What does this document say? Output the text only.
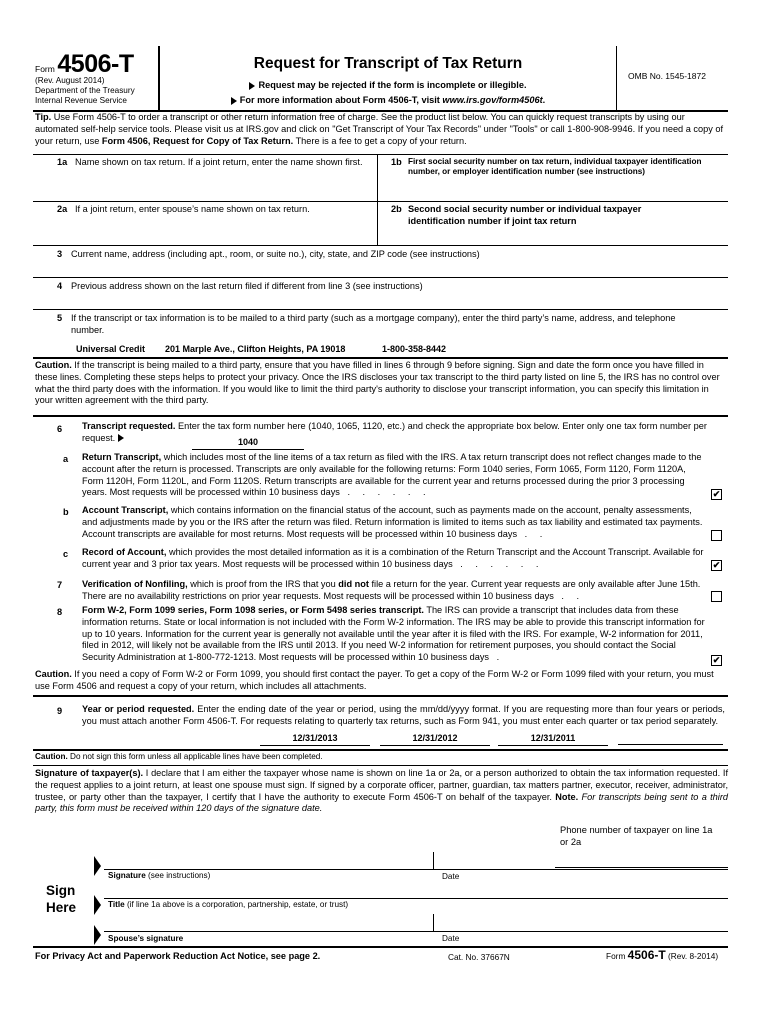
Form 4506-T
(Rev. August 2014)
Department of the Treasury
Internal Revenue Service
Request for Transcript of Tax Return
Request may be rejected if the form is incomplete or illegible.
For more information about Form 4506-T, visit www.irs.gov/form4506t.
OMB No. 1545-1872
Tip. Use Form 4506-T to order a transcript or other return information free of charge. See the product list below. You can quickly request transcripts by using our automated self-help service tools. Please visit us at IRS.gov and click on "Get Transcript of Your Tax Records" under "Tools" or call 1-800-908-9946. If you need a copy of your return, use Form 4506, Request for Copy of Tax Return. There is a fee to get a copy of your return.
1a Name shown on tax return. If a joint return, enter the name shown first.	1b First social security number on tax return, individual taxpayer identification number, or employer identification number (see instructions)
2a If a joint return, enter spouse’s name shown on tax return.	2b Second social security number or individual taxpayer identification number if joint tax return
3 Current name, address (including apt., room, or suite no.), city, state, and ZIP code (see instructions)
4 Previous address shown on the last return filed if different from line 3 (see instructions)
5 If the transcript or tax information is to be mailed to a third party (such as a mortgage company), enter the third party’s name, address, and telephone number.
Universal Credit 201 Marple Ave., Clifton Heights, PA 19018	1-800-358-8442
Caution. If the transcript is being mailed to a third party, ensure that you have filled in lines 6 through 9 before signing. Sign and date the form once you have filled in these lines. Completing these steps helps to protect your privacy. Once the IRS discloses your tax transcript to the third party listed on line 5, the IRS has no control over what the third party does with the information. If you would like to limit the third party's authority to disclose your transcript information, you can specify this limitation in your written agreement with the third party.
6 Transcript requested. Enter the tax form number here (1040, 1065, 1120, etc.) and check the appropriate box below. Enter only one tax form number per request.	1040
a Return Transcript, which includes most of the line items of a tax return as filed with the IRS. A tax return transcript does not reflect changes made to the account after the return is processed. Transcripts are only available for the following returns: Form 1040 series, Form 1065, Form 1120, Form 1120A, Form 1120H, Form 1120L, and Form 1120S. Return transcripts are available for the current year and returns processed during the prior 3 processing years. Most requests will be processed within 10 business days . . . . . .	✔
b Account Transcript, which contains information on the financial status of the account, such as payments made on the account, penalty assessments, and adjustments made by you or the IRS after the return was filed. Return information is limited to items such as tax liability and estimated tax payments. Account transcripts are available for most returns. Most requests will be processed within 10 business days . .
c Record of Account, which provides the most detailed information as it is a combination of the Return Transcript and the Account Transcript. Available for current year and 3 prior tax years. Most requests will be processed within 10 business days . . . . . .	✔
7 Verification of Nonfiling, which is proof from the IRS that you did not file a return for the year. Current year requests are only available after June 15th. There are no availability restrictions on prior year requests. Most requests will be processed within 10 business days . .
8 Form W-2, Form 1099 series, Form 1098 series, or Form 5498 series transcript. The IRS can provide a transcript that includes data from these information returns. State or local information is not included with the Form W-2 information. The IRS may be able to provide this transcript information for up to 10 years. Information for the current year is generally not available until the year after it is filed with the IRS. For example, W-2 information for 2011, filed in 2012, will likely not be available from the IRS until 2013. If you need W-2 information for retirement purposes, you should contact the Social Security Administration at 1-800-772-1213. Most requests will be processed within 10 business days .	✔
Caution. If you need a copy of Form W-2 or Form 1099, you should first contact the payer. To get a copy of the Form W-2 or Form 1099 filed with your return, you must use Form 4506 and request a copy of your return, which includes all attachments.
9 Year or period requested. Enter the ending date of the year or period, using the mm/dd/yyyy format. If you are requesting more than four years or periods, you must attach another Form 4506-T. For requests relating to quarterly tax returns, such as Form 941, you must enter each quarter or tax period separately.
12/31/2013	12/31/2012	12/31/2011
Caution. Do not sign this form unless all applicable lines have been completed.
Signature of taxpayer(s). I declare that I am either the taxpayer whose name is shown on line 1a or 2a, or a person authorized to obtain the tax information requested. If the request applies to a joint return, at least one spouse must sign. If signed by a corporate officer, partner, guardian, tax matters partner, executor, receiver, administrator, trustee, or party other than the taxpayer, I certify that I have the authority to execute Form 4506-T on behalf of the taxpayer. Note. For transcripts being sent to a third party, this form must be received within 120 days of the signature date.
Phone number of taxpayer on line 1a or 2a
Sign Here
Signature (see instructions)	Date
Title (if line 1a above is a corporation, partnership, estate, or trust)
Spouse’s signature	Date
For Privacy Act and Paperwork Reduction Act Notice, see page 2.	Cat. No. 37667N	Form 4506-T (Rev. 8-2014)
